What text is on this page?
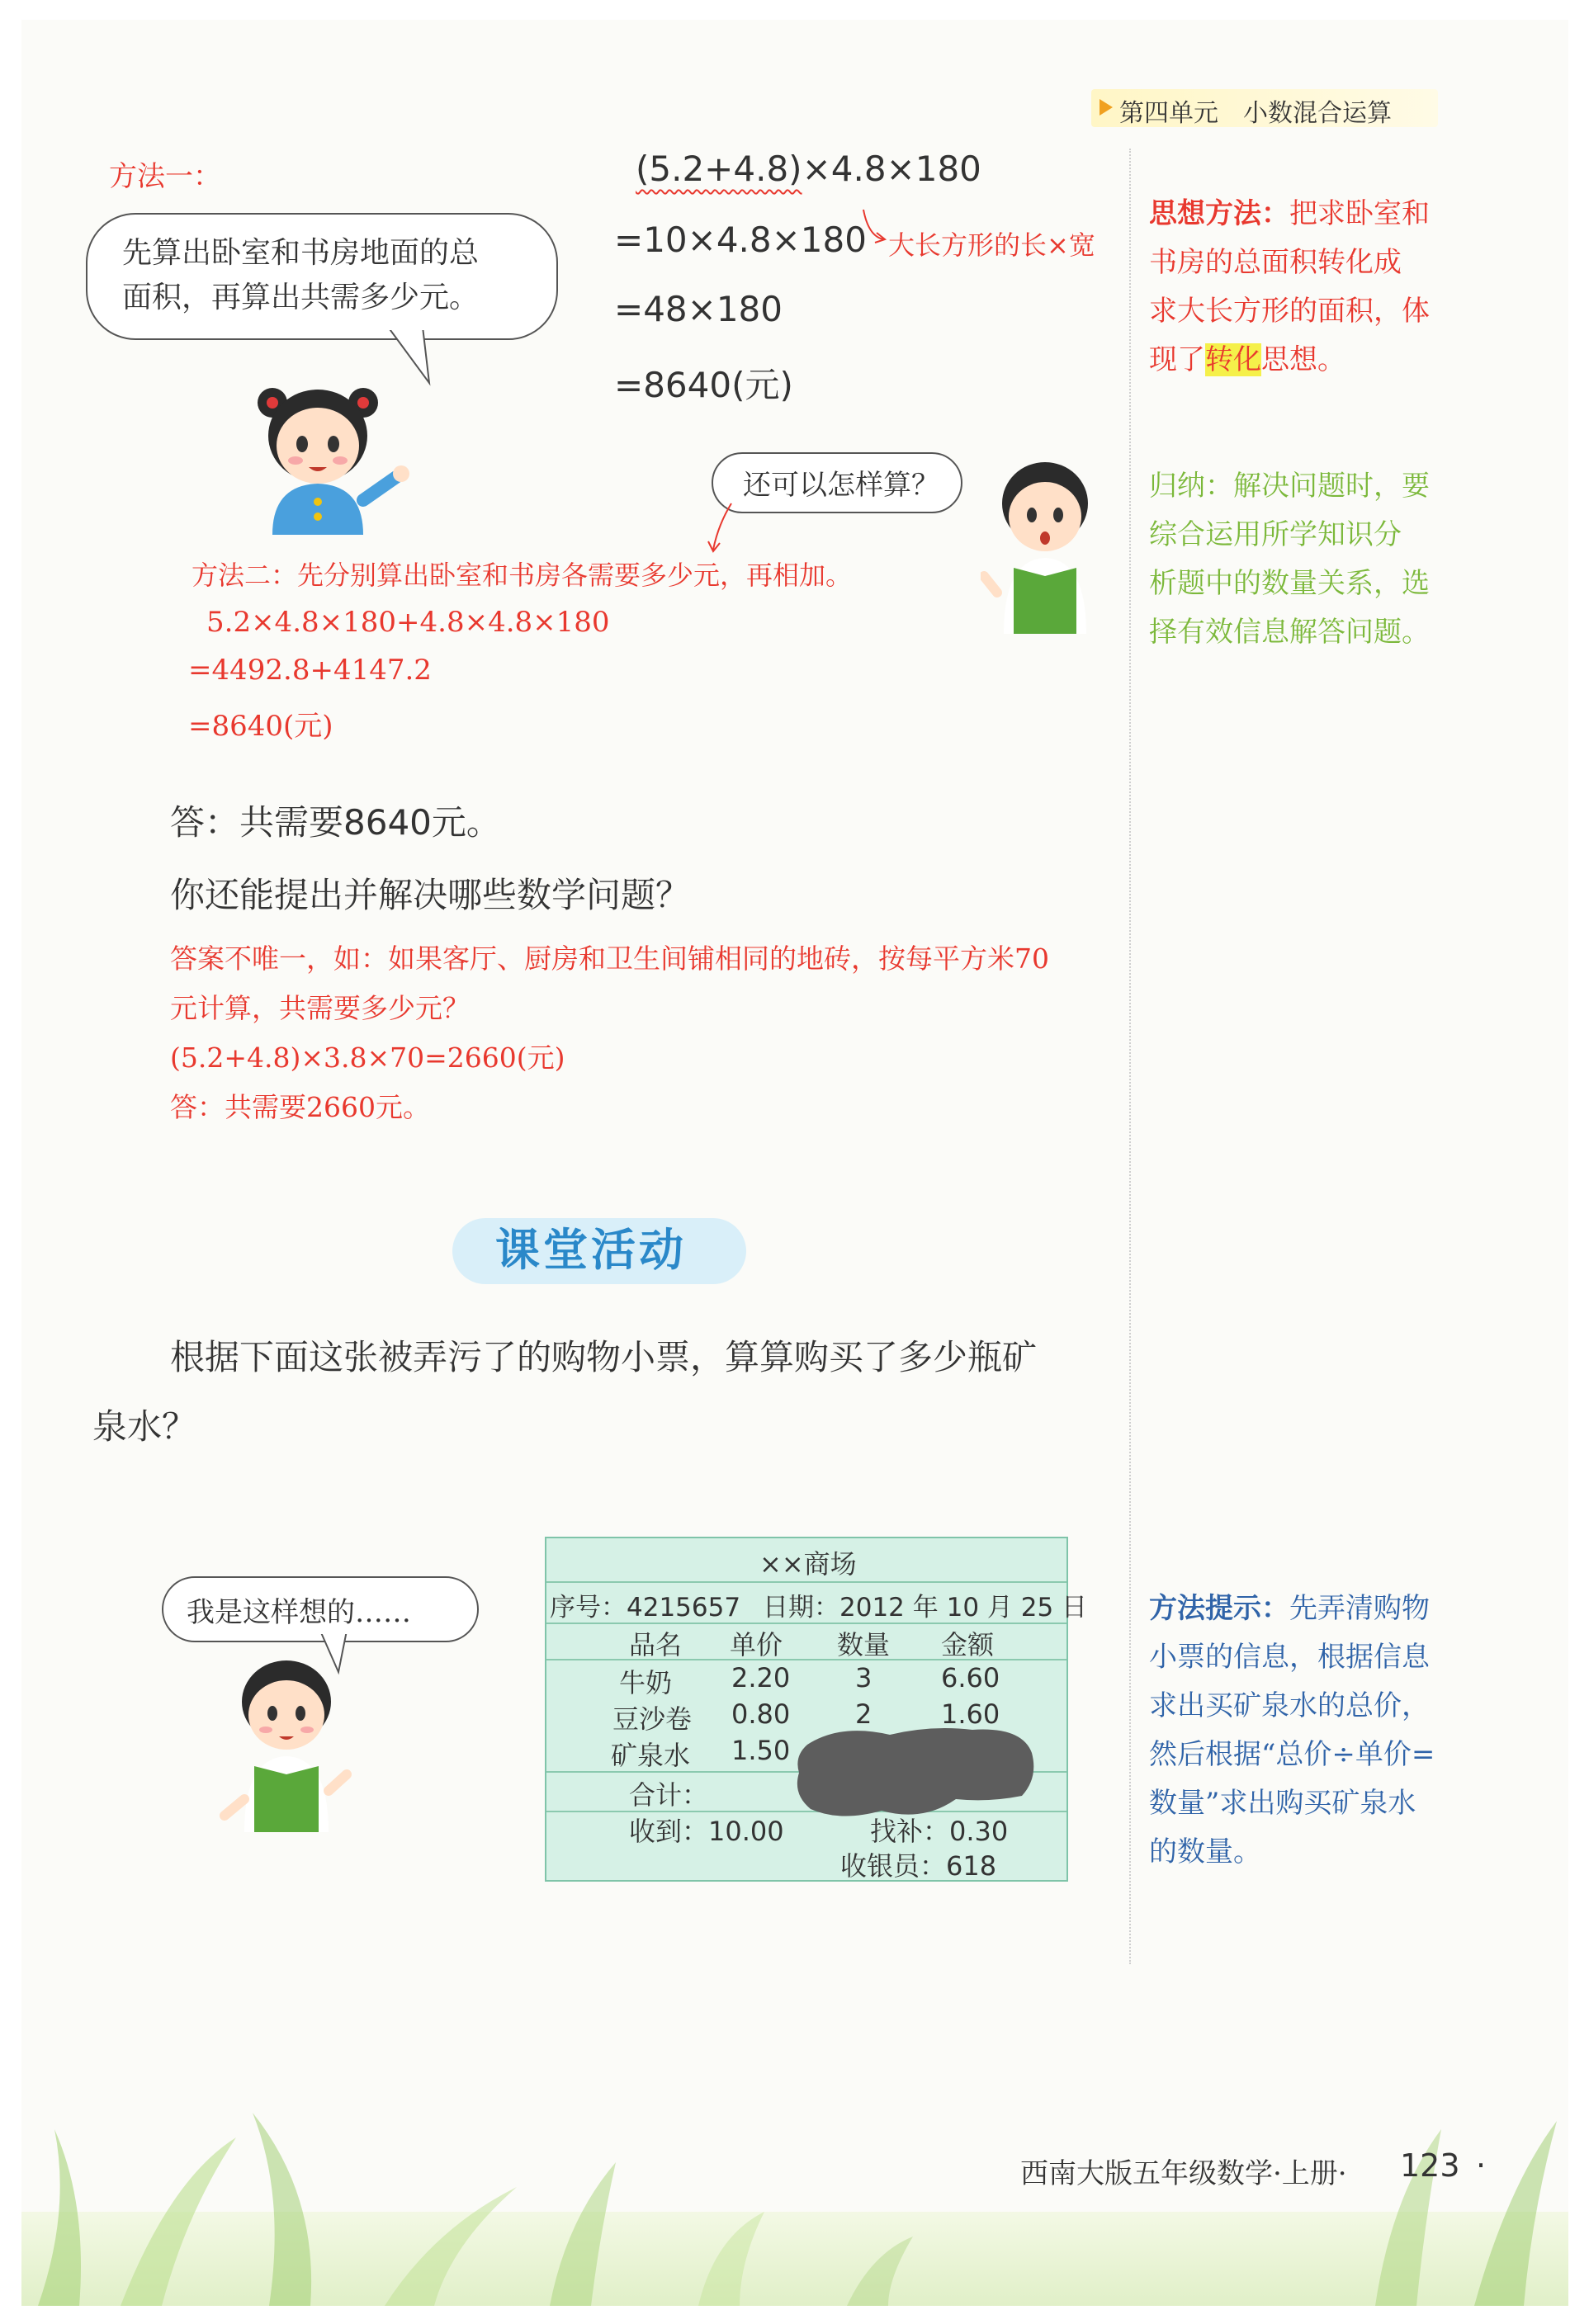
第四单元　小数混合运算
方法一：
先算出卧室和书房地面的总
面积，再算出共需多少元。
(5.2+4.8)×4.8×180
=10×4.8×180 大长方形的长×宽
=48×180
=8640(元)
还可以怎样算？
方法二：先分别算出卧室和书房各需要多少元，再相加。
5.2×4.8×180+4.8×4.8×180
=4492.8+4147.2
=8640(元)
答：共需要8640元。
你还能提出并解决哪些数学问题？
答案不唯一，如：如果客厅、厨房和卫生间铺相同的地砖，按每平方米70
元计算，共需要多少元？
(5.2+4.8)×3.8×70=2660(元)
答：共需要2660元。
课堂活动
根据下面这张被弄污了的购物小票，算算购买了多少瓶矿
泉水？
我是这样想的……
××商场
序号：4215657 日期：2012 年 10 月 25 日
品名 单价 数量 金额
牛奶 2.20 3	6.60
豆沙卷 0.80 2	1.60
矿泉水 1.50
合计：
收到：10.00	找补：0.30
收银员：618
思想方法：把求卧室和
书房的总面积转化成
求大长方形的面积，体
现了转化思想。
归纳：解决问题时，要
综合运用所学知识分
析题中的数量关系，选
择有效信息解答问题。
方法提示：先弄清购物
小票的信息，根据信息
求出买矿泉水的总价，
然后根据“总价÷单价=
数量”求出购买矿泉水
的数量。
西南大版五年级数学·上册· 123 ·
